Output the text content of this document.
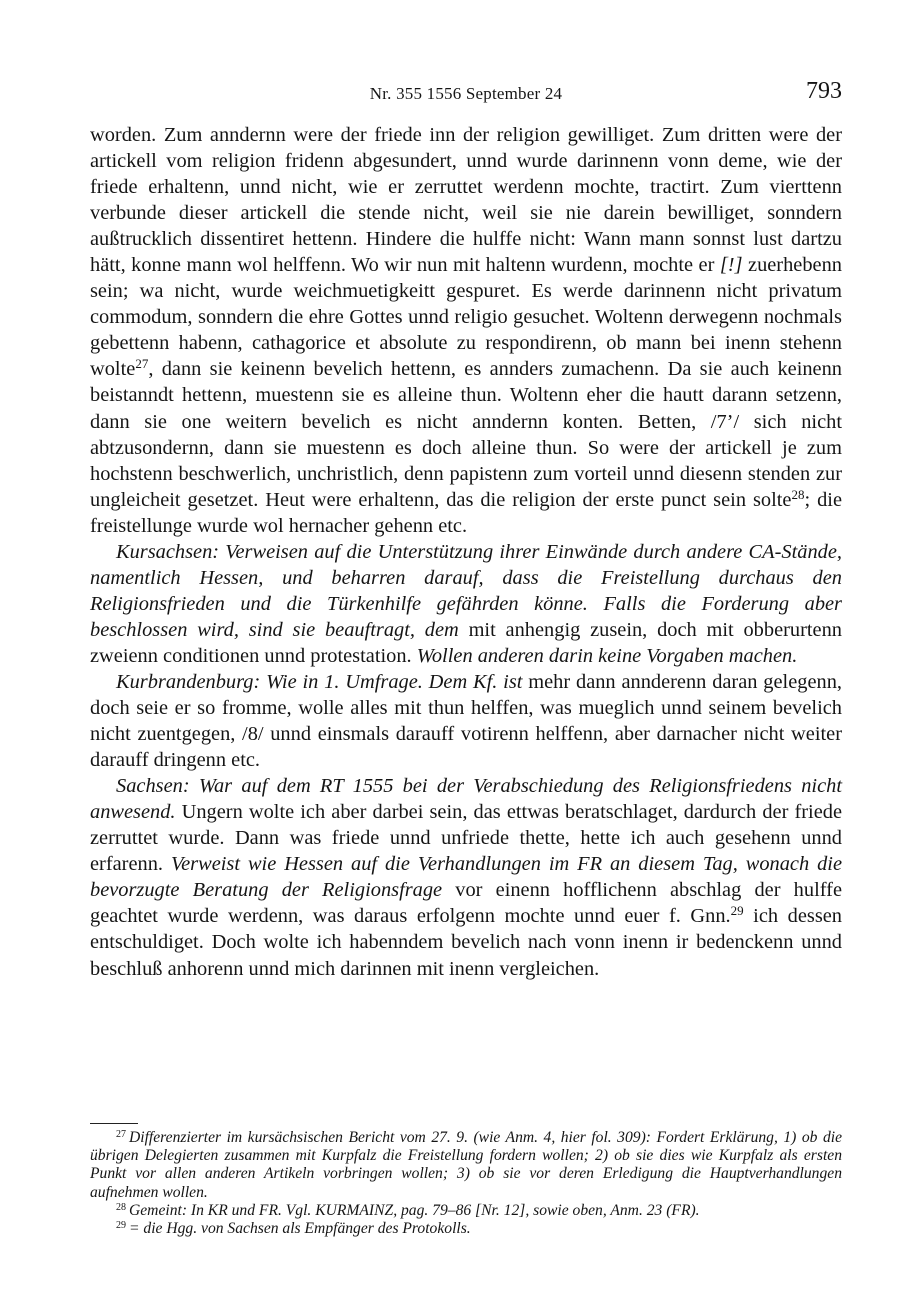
Nr. 355 1556 September 24	793

worden. Zum anndernn were der friede inn der religion gewilliget. Zum dritten were der artickell vom religion fridenn abgesundert, unnd wurde darinnenn vonn deme, wie der friede erhaltenn, unnd nicht, wie er zerruttet werdenn mochte, tractirt. Zum vierttenn verbunde dieser artickell die stende nicht, weil sie nie darein bewilliget, sonndern außtrucklich dissentiret hettenn. Hindere die hulffe nicht: Wann mann sonnst lust dartzu hätt, konne mann wol helffenn. Wo wir nun mit haltenn wurdenn, mochte er [!] zuerhebenn sein; wa nicht, wurde weichmuetigkeitt gespuret. Es werde darinnenn nicht privatum commodum, sonndern die ehre Gottes unnd religio gesuchet. Woltenn derwegenn nochmals gebettenn habenn, cathagorice et absolute zu respondirenn, ob mann bei inenn stehenn wolte$^{27}$, dann sie keinenn bevelich hettenn, es annders zumachenn. Da sie auch keinenn beistanndt hettenn, muestenn sie es alleine thun. Woltenn eher die hautt darann setzenn, dann sie one weitern bevelich es nicht anndernn konten. Betten, /7’/ sich nicht abtzusondernn, dann sie muestenn es doch alleine thun. So were der artickell je zum hochstenn beschwerlich, unchristlich, denn papistenn zum vorteil unnd diesenn stenden zur ungleicheit gesetzet. Heut were erhaltenn, das die religion der erste punct sein solte$^{28}$; die freistellunge wurde wol hernacher gehenn etc.

Kursachsen: Verweisen auf die Unterstützung ihrer Einwände durch andere CA-Stände, namentlich Hessen, und beharren darauf, dass die Freistellung durchaus den Religionsfrieden und die Türkenhilfe gefährden könne. Falls die Forderung aber beschlossen wird, sind sie beauftragt, dem mit anhengig zusein, doch mit obberurtenn zweienn conditionen unnd protestation. Wollen anderen darin keine Vorgaben machen.

Kurbrandenburg: Wie in 1. Umfrage. Dem Kf. ist mehr dann annderenn daran gelegenn, doch seie er so fromme, wolle alles mit thun helffen, was mueglich unnd seinem bevelich nicht zuentgegen, /8/ unnd einsmals darauff votirenn helffenn, aber darnacher nicht weiter darauff dringenn etc.

Sachsen: War auf dem RT 1555 bei der Verabschiedung des Religionsfriedens nicht anwesend. Ungern wolte ich aber darbei sein, das ettwas beratschlaget, dardurch der friede zerruttet wurde. Dann was friede unnd unfriede thette, hette ich auch gesehenn unnd erfarenn. Verweist wie Hessen auf die Verhandlungen im FR an diesem Tag, wonach die bevorzugte Beratung der Religionsfrage vor einenn hofflichenn abschlag der hulffe geachtet wurde werdenn, was daraus erfolgenn mochte unnd euer f. Gnn.$^{29}$ ich dessen entschuldiget. Doch wolte ich habenndem bevelich nach vonn inenn ir bedenckenn unnd beschluß anhorenn unnd mich darinnen mit inenn vergleichen.

$^{27}$ Differenzierter im kursächsischen Bericht vom 27. 9. (wie Anm. 4, hier fol. 309): Fordert Erklärung, 1) ob die übrigen Delegierten zusammen mit Kurpfalz die Freistellung fordern wollen; 2) ob sie dies wie Kurpfalz als ersten Punkt vor allen anderen Artikeln vorbringen wollen; 3) ob sie vor deren Erledigung die Hauptverhandlungen aufnehmen wollen.

$^{28}$ Gemeint: In KR und FR. Vgl. KURMAINZ, pag. 79–86 [Nr. 12], sowie oben, Anm. 23 (FR).

$^{29}$ = die Hgg. von Sachsen als Empfänger des Protokolls.
